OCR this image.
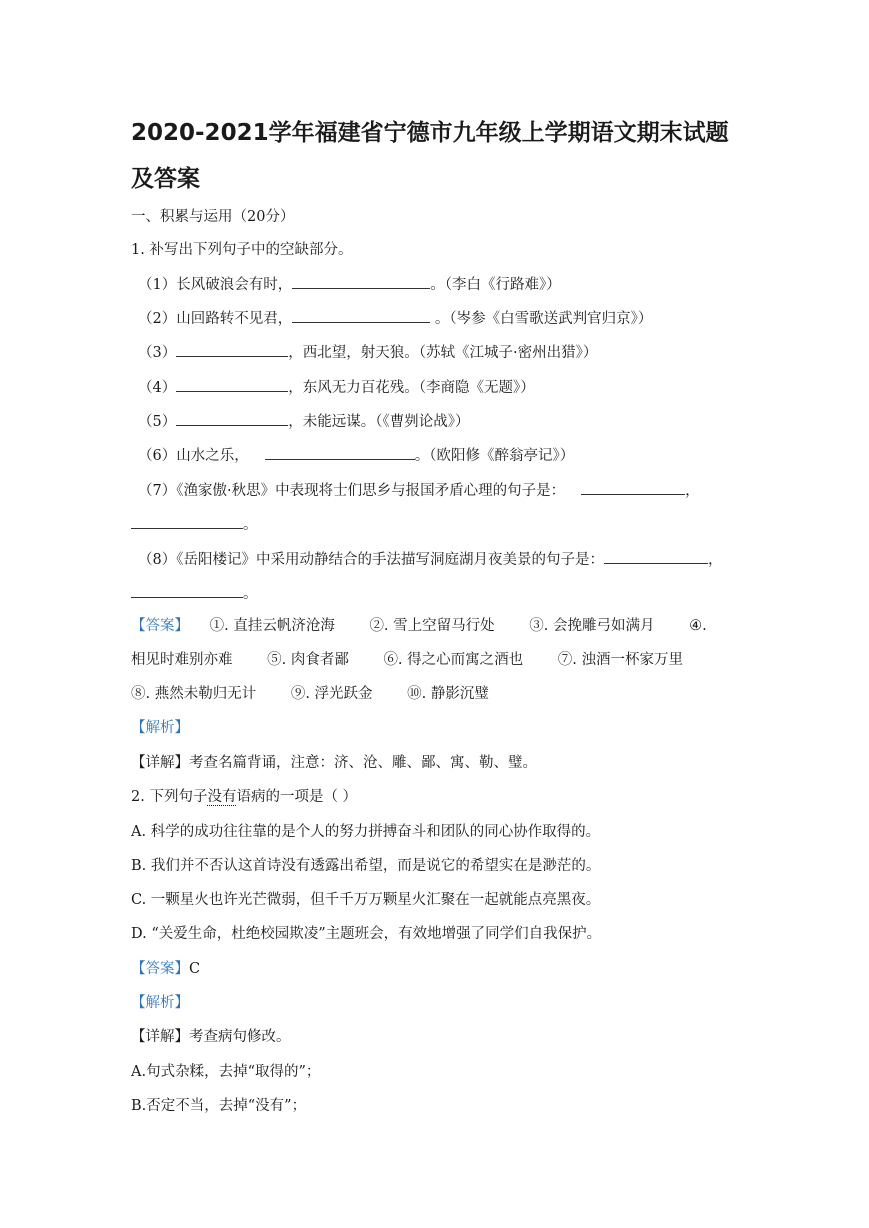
2020-2021学年福建省宁德市九年级上学期语文期末试题及答案
一、积累与运用（20分）
1. 补写出下列句子中的空缺部分。
（1）长风破浪会有时，	。（李白《行路难》）
（2）山回路转不见君，	。（岑参《白雪歌送武判官归京》）
（3）	，西北望，射天狼。（苏轼《江城子·密州出猎》）
（4）	，东风无力百花残。（李商隐《无题》）
（5）	，未能远谋。（《曹刿论战》）
（6）山水之乐，	。（欧阳修《醉翁亭记》）
（7）《渔家傲·秋思》中表现将士们思乡与报国矛盾心理的句子是：	，
。
（8）《岳阳楼记》中采用动静结合的手法描写洞庭湖月夜美景的句子是：	，
。
【答案】 ①. 直挂云帆济沧海 ②. 雪上空留马行处 ③. 会挽雕弓如满月 ④.
相见时难别亦难 ⑤. 肉食者鄙 ⑥. 得之心而寓之酒也 ⑦. 浊酒一杯家万里
⑧. 燕然未勒归无计 ⑨. 浮光跃金 ⑩. 静影沉璧
【解析】
【详解】考查名篇背诵，注意：济、沧、雕、鄙、寓、勒、璧。
2. 下列句子没有语病的一项是（ ）
A. 科学的成功往往靠的是个人的努力拼搏奋斗和团队的同心协作取得的。
B. 我们并不否认这首诗没有透露出希望，而是说它的希望实在是渺茫的。
C. 一颗星火也许光芒微弱，但千千万万颗星火汇聚在一起就能点亮黑夜。
D. “关爱生命，杜绝校园欺凌”主题班会，有效地增强了同学们自我保护。
【答案】C
【解析】
【详解】考查病句修改。
A.句式杂糅，去掉“取得的”；
B.否定不当，去掉“没有”；
